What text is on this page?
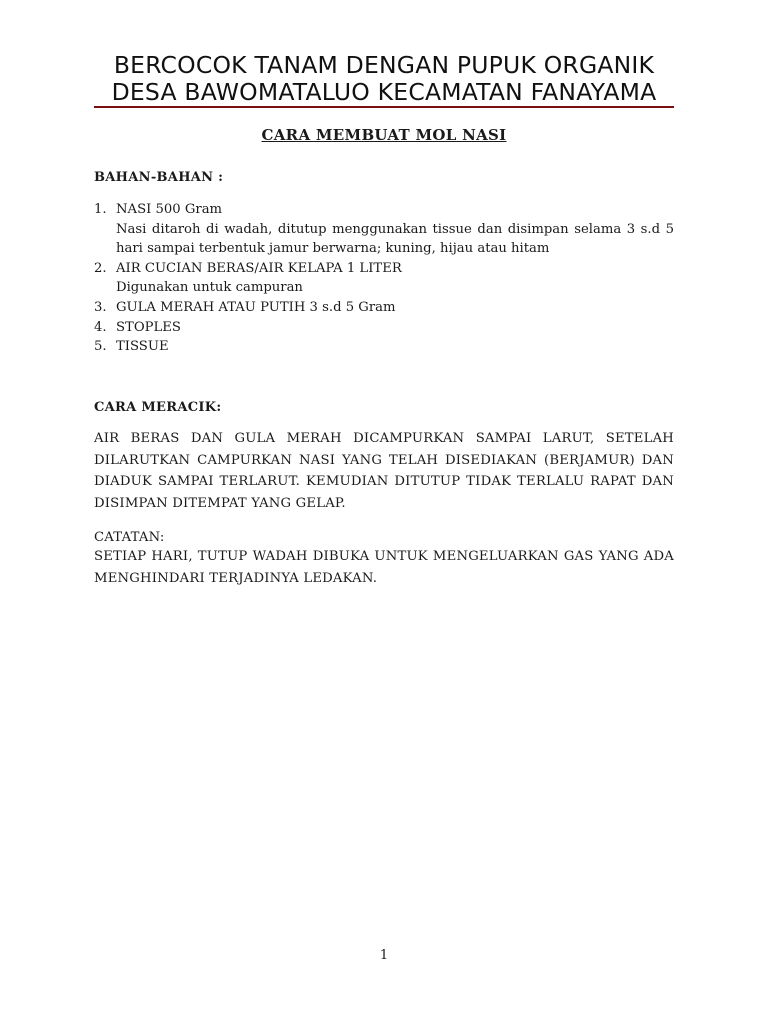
BERCOCOK TANAM DENGAN PUPUK ORGANIK
DESA BAWOMATALUO KECAMATAN FANAYAMA
CARA MEMBUAT MOL NASI
BAHAN-BAHAN :
1. NASI 500 Gram
Nasi ditaroh di wadah, ditutup menggunakan tissue dan disimpan selama 3 s.d 5 hari sampai terbentuk jamur berwarna; kuning, hijau atau hitam
2. AIR CUCIAN BERAS/AIR KELAPA 1 LITER
Digunakan untuk campuran
3. GULA MERAH ATAU PUTIH 3 s.d 5 Gram
4. STOPLES
5. TISSUE
CARA MERACIK:
AIR BERAS DAN GULA MERAH DICAMPURKAN SAMPAI LARUT, SETELAH DILARUTKAN CAMPURKAN NASI YANG TELAH DISEDIAKAN (BERJAMUR) DAN DIADUK SAMPAI TERLARUT. KEMUDIAN DITUTUP TIDAK TERLALU RAPAT DAN DISIMPAN DITEMPAT YANG GELAP.
CATATAN:
SETIAP HARI, TUTUP WADAH DIBUKA UNTUK MENGELUARKAN GAS YANG ADA MENGHINDARI TERJADINYA LEDAKAN.
1
